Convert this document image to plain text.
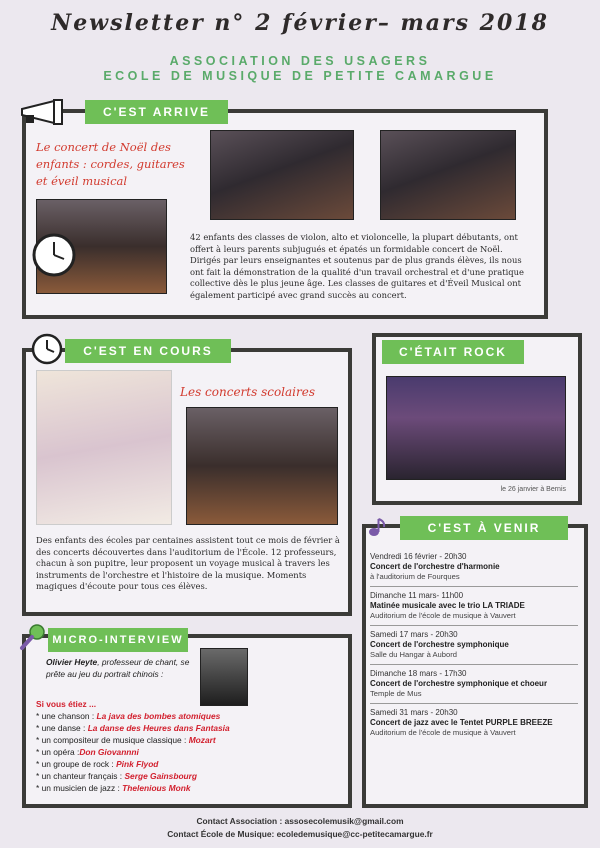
Newsletter n° 2 février– mars 2018
ASSOCIATION DES USAGERS
ECOLE DE MUSIQUE DE PETITE CAMARGUE
C'EST ARRIVE
Le concert de Noël des enfants : cordes, guitares et éveil musical
42 enfants des classes de violon, alto et violoncelle, la plupart débutants, ont offert à leurs parents subjugués et épatés un formidable concert de Noël. Dirigés par leurs enseignantes et soutenus par de plus grands élèves, ils nous ont fait la démonstration de la qualité d'un travail orchestral et d'une pratique collective dès le plus jeune âge. Les classes de guitares et d'Éveil Musical ont également participé avec grand succès au concert.
C'EST EN COURS
Les concerts scolaires
Des enfants des écoles par centaines assistent tout ce mois de février à des concerts découvertes dans l'auditorium de l'École. 12 professeurs, chacun à son pupitre, leur proposent un voyage musical à travers les instruments de l'orchestre et l'histoire de la musique. Moments magiques d'écoute pour tous ces élèves.
C'ÉTAIT ROCK
le 26 janvier à Bernis
C'EST À VENIR
Vendredi 16 février - 20h30
Concert de l'orchestre d'harmonie
à l'auditorium de Fourques
Dimanche 11 mars- 11h00
Matinée musicale avec le trio LA TRIADE
Auditorium de l'école de musique à Vauvert
Samedi 17 mars - 20h30
Concert de l'orchestre symphonique
Salle du Hangar à Aubord
Dimanche 18 mars - 17h30
Concert de l'orchestre symphonique et choeur
Temple de Mus
Samedi 31 mars - 20h30
Concert de jazz avec le Tentet PURPLE BREEZE
Auditorium de l'école de musique à Vauvert
MICRO-INTERVIEW
Olivier Heyte, professeur de chant, se prête au jeu du portrait chinois :
Si vous étiez ...
* une chanson : La java des bombes atomiques
* une danse : La danse des Heures dans Fantasia
* un compositeur de musique classique : Mozart
* un opéra :Don Giovannni
* un groupe de rock : Pink Flyod
* un chanteur français : Serge Gainsbourg
* un musicien de jazz : Thelenious Monk
Contact Association : assosecolemusik@gmail.com
Contact École de Musique: ecoledemusique@cc-petitecamargue.fr
